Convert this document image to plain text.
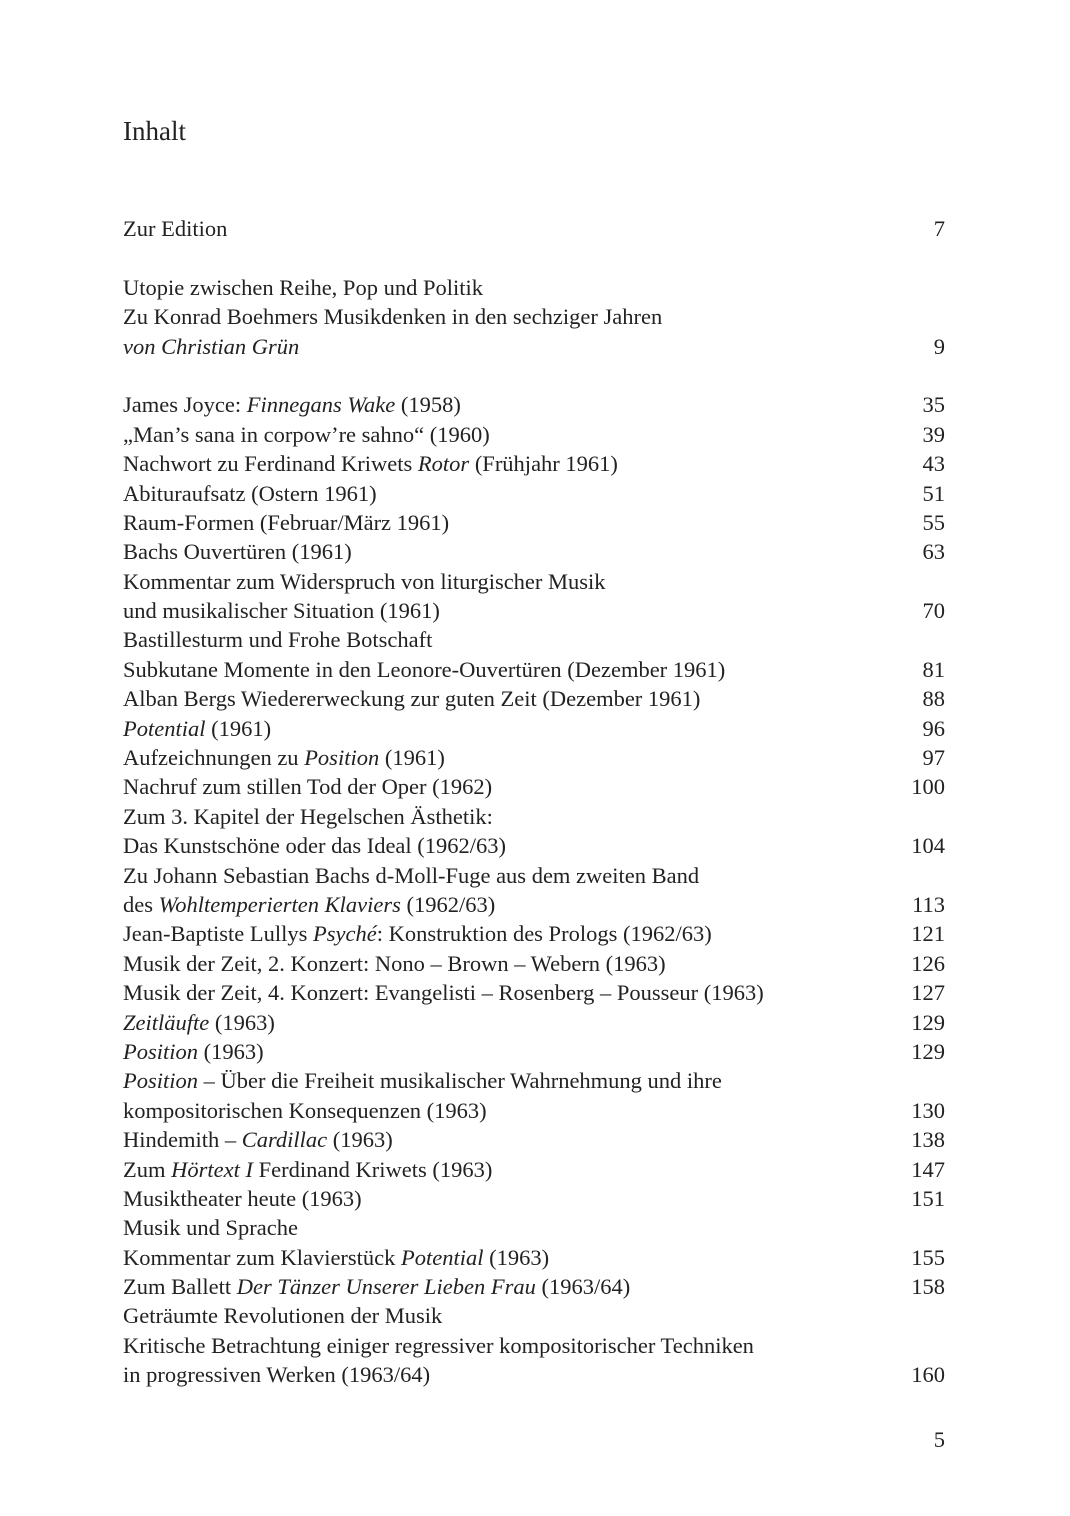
Inhalt
Zur Edition	7
Utopie zwischen Reihe, Pop und Politik
Zu Konrad Boehmers Musikdenken in den sechziger Jahren
von Christian Grün	9
James Joyce: Finnegans Wake (1958)	35
„Man’s sana in corpow’re sahno“ (1960)	39
Nachwort zu Ferdinand Kriwets Rotor (Frühjahr 1961)	43
Abituraufsatz (Ostern 1961)	51
Raum-Formen (Februar/März 1961)	55
Bachs Ouvertüren (1961)	63
Kommentar zum Widerspruch von liturgischer Musik
und musikalischer Situation (1961)	70
Bastillesturm und Frohe Botschaft
Subkutane Momente in den Leonore-Ouvertüren (Dezember 1961)	81
Alban Bergs Wiedererweckung zur guten Zeit (Dezember 1961)	88
Potential (1961)	96
Aufzeichnungen zu Position (1961)	97
Nachruf zum stillen Tod der Oper (1962)	100
Zum 3. Kapitel der Hegelschen Ästhetik:
Das Kunstschöne oder das Ideal (1962/63)	104
Zu Johann Sebastian Bachs d-Moll-Fuge aus dem zweiten Band
des Wohltemperierten Klaviers (1962/63)	113
Jean-Baptiste Lullys Psyché: Konstruktion des Prologs (1962/63)	121
Musik der Zeit, 2. Konzert: Nono – Brown – Webern (1963)	126
Musik der Zeit, 4. Konzert: Evangelisti – Rosenberg – Pousseur (1963)	127
Zeitläufte (1963)	129
Position (1963)	129
Position – Über die Freiheit musikalischer Wahrnehmung und ihre
kompositorischen Konsequenzen (1963)	130
Hindemith – Cardillac (1963)	138
Zum Hörtext I Ferdinand Kriwets (1963)	147
Musiktheater heute (1963)	151
Musik und Sprache
Kommentar zum Klavierstück Potential (1963)	155
Zum Ballett Der Tänzer Unserer Lieben Frau (1963/64)	158
Geträumte Revolutionen der Musik
Kritische Betrachtung einiger regressiver kompositorischer Techniken
in progressiven Werken (1963/64)	160
5
